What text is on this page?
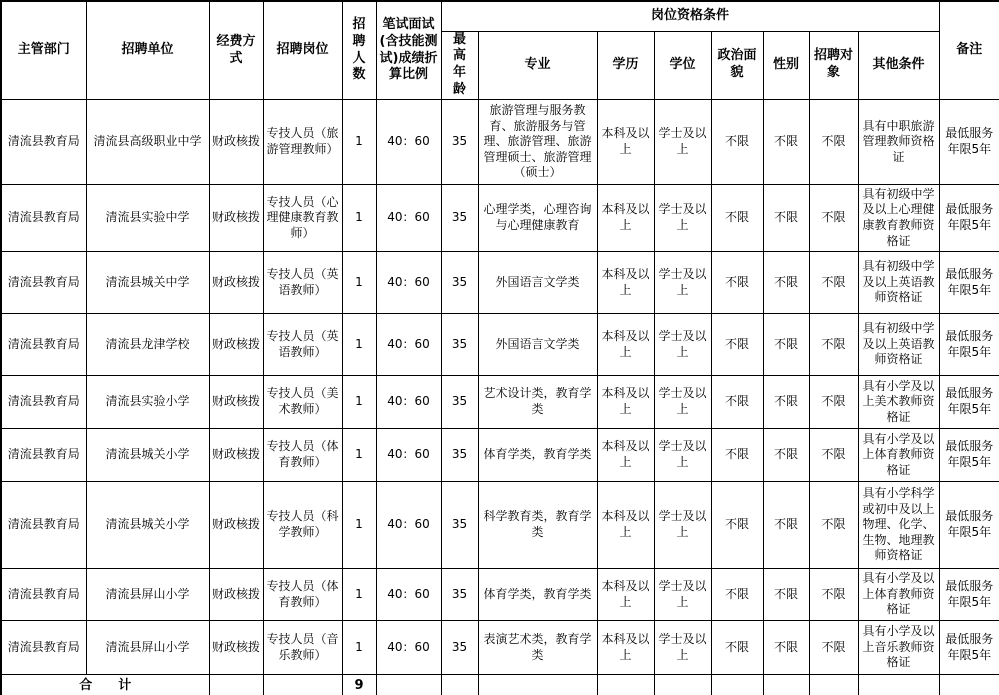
主管部门	招聘单位	经费方式	招聘岗位	招聘人数	笔试面试(含技能测试)成绩折算比例	岗位资格条件								备注
						最高年龄	专业	学历	学位	政治面貌	性别	招聘对象	其他条件	
清流县教育局	清流县高级职业中学	财政核拨	专技人员（旅游管理教师）	1	40：60	35	旅游管理与服务教育、旅游服务与管理、旅游管理、旅游管理硕士、旅游管理（硕士）	本科及以上	学士及以上	不限	不限	不限	具有中职旅游管理教师资格证	最低服务年限5年
清流县教育局	清流县实验中学	财政核拨	专技人员（心理健康教育教师）	1	40：60	35	心理学类，心理咨询与心理健康教育	本科及以上	学士及以上	不限	不限	不限	具有初级中学及以上心理健康教育教师资格证	最低服务年限5年
清流县教育局	清流县城关中学	财政核拨	专技人员（英语教师）	1	40：60	35	外国语言文学类	本科及以上	学士及以上	不限	不限	不限	具有初级中学及以上英语教师资格证	最低服务年限5年
清流县教育局	清流县龙津学校	财政核拨	专技人员（英语教师）	1	40：60	35	外国语言文学类	本科及以上	学士及以上	不限	不限	不限	具有初级中学及以上英语教师资格证	最低服务年限5年
清流县教育局	清流县实验小学	财政核拨	专技人员（美术教师）	1	40：60	35	艺术设计类，教育学类	本科及以上	学士及以上	不限	不限	不限	具有小学及以上美术教师资格证	最低服务年限5年
清流县教育局	清流县城关小学	财政核拨	专技人员（体育教师）	1	40：60	35	体育学类，教育学类	本科及以上	学士及以上	不限	不限	不限	具有小学及以上体育教师资格证	最低服务年限5年
清流县教育局	清流县城关小学	财政核拨	专技人员（科学教师）	1	40：60	35	科学教育类，教育学类	本科及以上	学士及以上	不限	不限	不限	具有小学科学或初中及以上物理、化学、生物、地理教师资格证	最低服务年限5年
清流县教育局	清流县屏山小学	财政核拨	专技人员（体育教师）	1	40：60	35	体育学类，教育学类	本科及以上	学士及以上	不限	不限	不限	具有小学及以上体育教师资格证	最低服务年限5年
清流县教育局	清流县屏山小学	财政核拨	专技人员（音乐教师）	1	40：60	35	表演艺术类，教育学类	本科及以上	学士及以上	不限	不限	不限	具有小学及以上音乐教师资格证	最低服务年限5年
合　　计				9										
